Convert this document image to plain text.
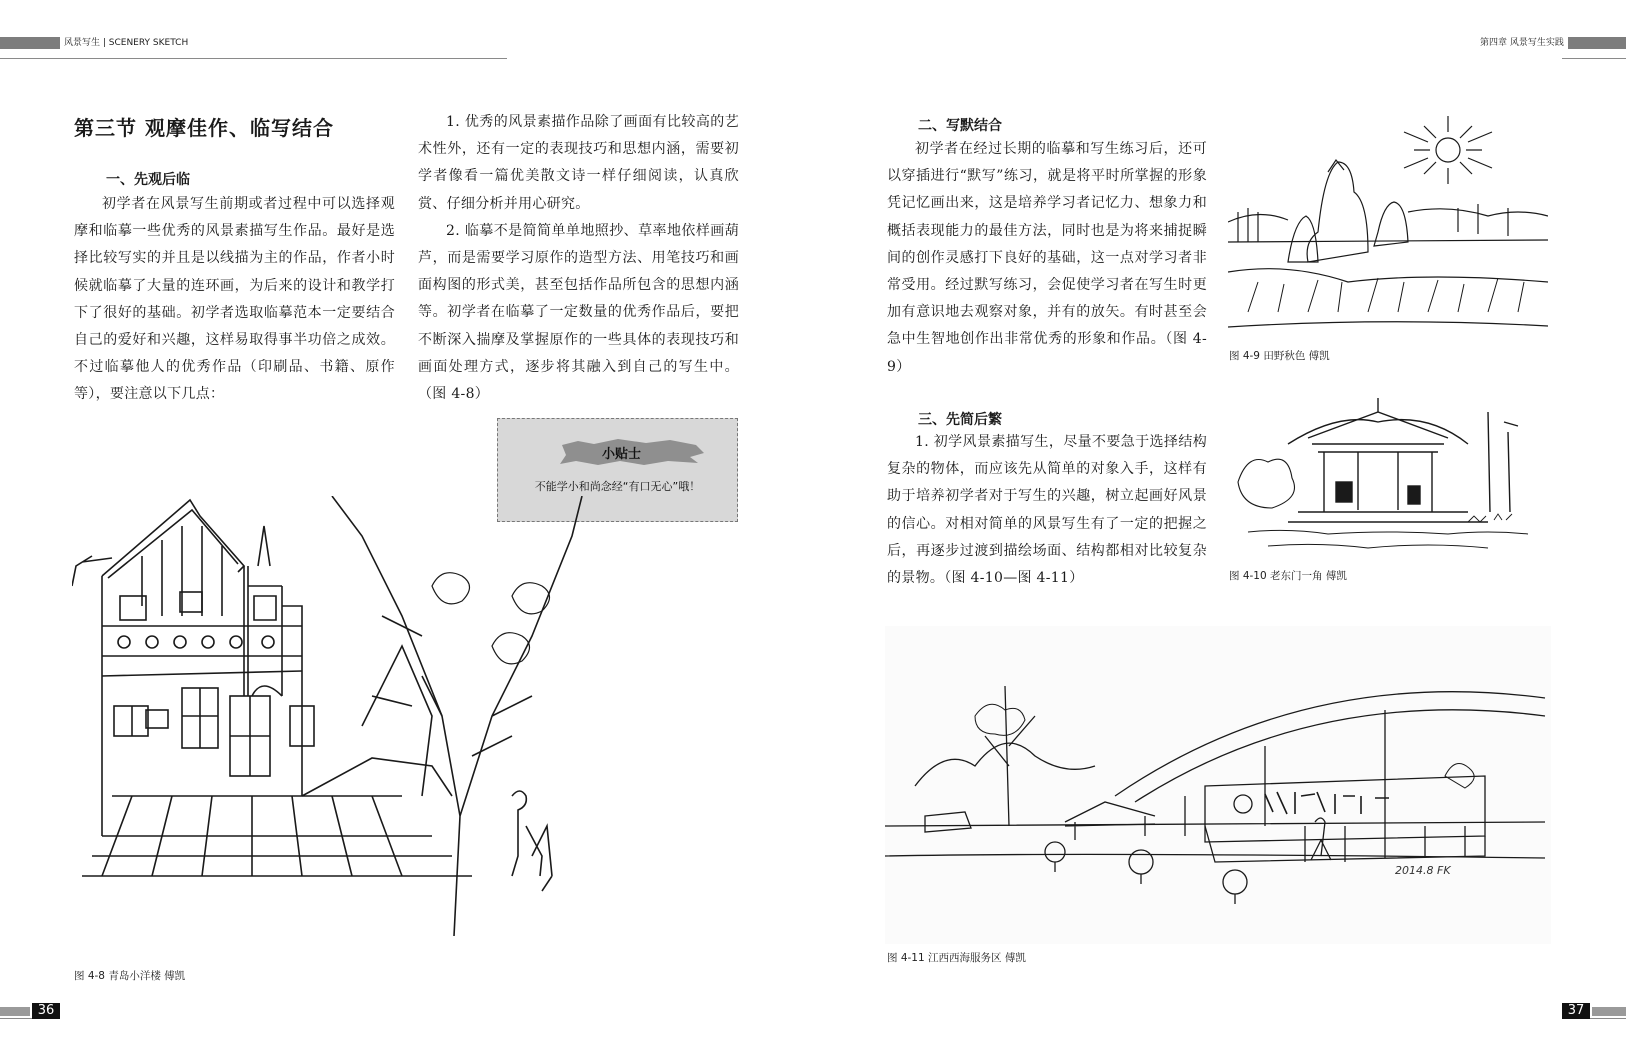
风景写生 | SCENERY SKETCH	第四章 风景写生实践
第三节 观摩佳作、临写结合
一、先观后临

初学者在风景写生前期或者过程中可以选择观摩和临摹一些优秀的风景素描写生作品。最好是选择比较写实的并且是以线描为主的作品，作者小时候就临摹了大量的连环画，为后来的设计和教学打下了很好的基础。初学者选取临摹范本一定要结合自己的爱好和兴趣，这样易取得事半功倍之成效。不过临摹他人的优秀作品（印刷品、书籍、原作等），要注意以下几点：

1. 优秀的风景素描作品除了画面有比较高的艺术性外，还有一定的表现技巧和思想内涵，需要初学者像看一篇优美散文诗一样仔细阅读，认真欣赏、仔细分析并用心研究。

2. 临摹不是简简单单地照抄、草率地依样画葫芦，而是需要学习原作的造型方法、用笔技巧和画面构图的形式美，甚至包括作品所包含的思想内涵等。初学者在临摹了一定数量的优秀作品后，要把不断深入揣摩及掌握原作的一些具体的表现技巧和画面处理方式，逐步将其融入到自己的写生中。（图 4-8）

小贴士
不能学小和尚念经“有口无心”哦！
图 4-8 青岛小洋楼 傅凯
二、写默结合

初学者在经过长期的临摹和写生练习后，还可以穿插进行“默写”练习，就是将平时所掌握的形象凭记忆画出来，这是培养学习者记忆力、想象力和概括表现能力的最佳方法，同时也是为将来捕捉瞬间的创作灵感打下良好的基础，这一点对学习者非常受用。经过默写练习，会促使学习者在写生时更加有意识地去观察对象，并有的放矢。有时甚至会急中生智地创作出非常优秀的形象和作品。（图 4-9）

三、先简后繁

1. 初学风景素描写生，尽量不要急于选择结构复杂的物体，而应该先从简单的对象入手，这样有助于培养初学者对于写生的兴趣，树立起画好风景的信心。对相对简单的风景写生有了一定的把握之后，再逐步过渡到描绘场面、结构都相对比较复杂的景物。（图 4-10—图 4-11）

图 4-9 田野秋色 傅凯
图 4-10 老东门一角 傅凯
2014.8 FK
图 4-11 江西西海服务区 傅凯
36	37
